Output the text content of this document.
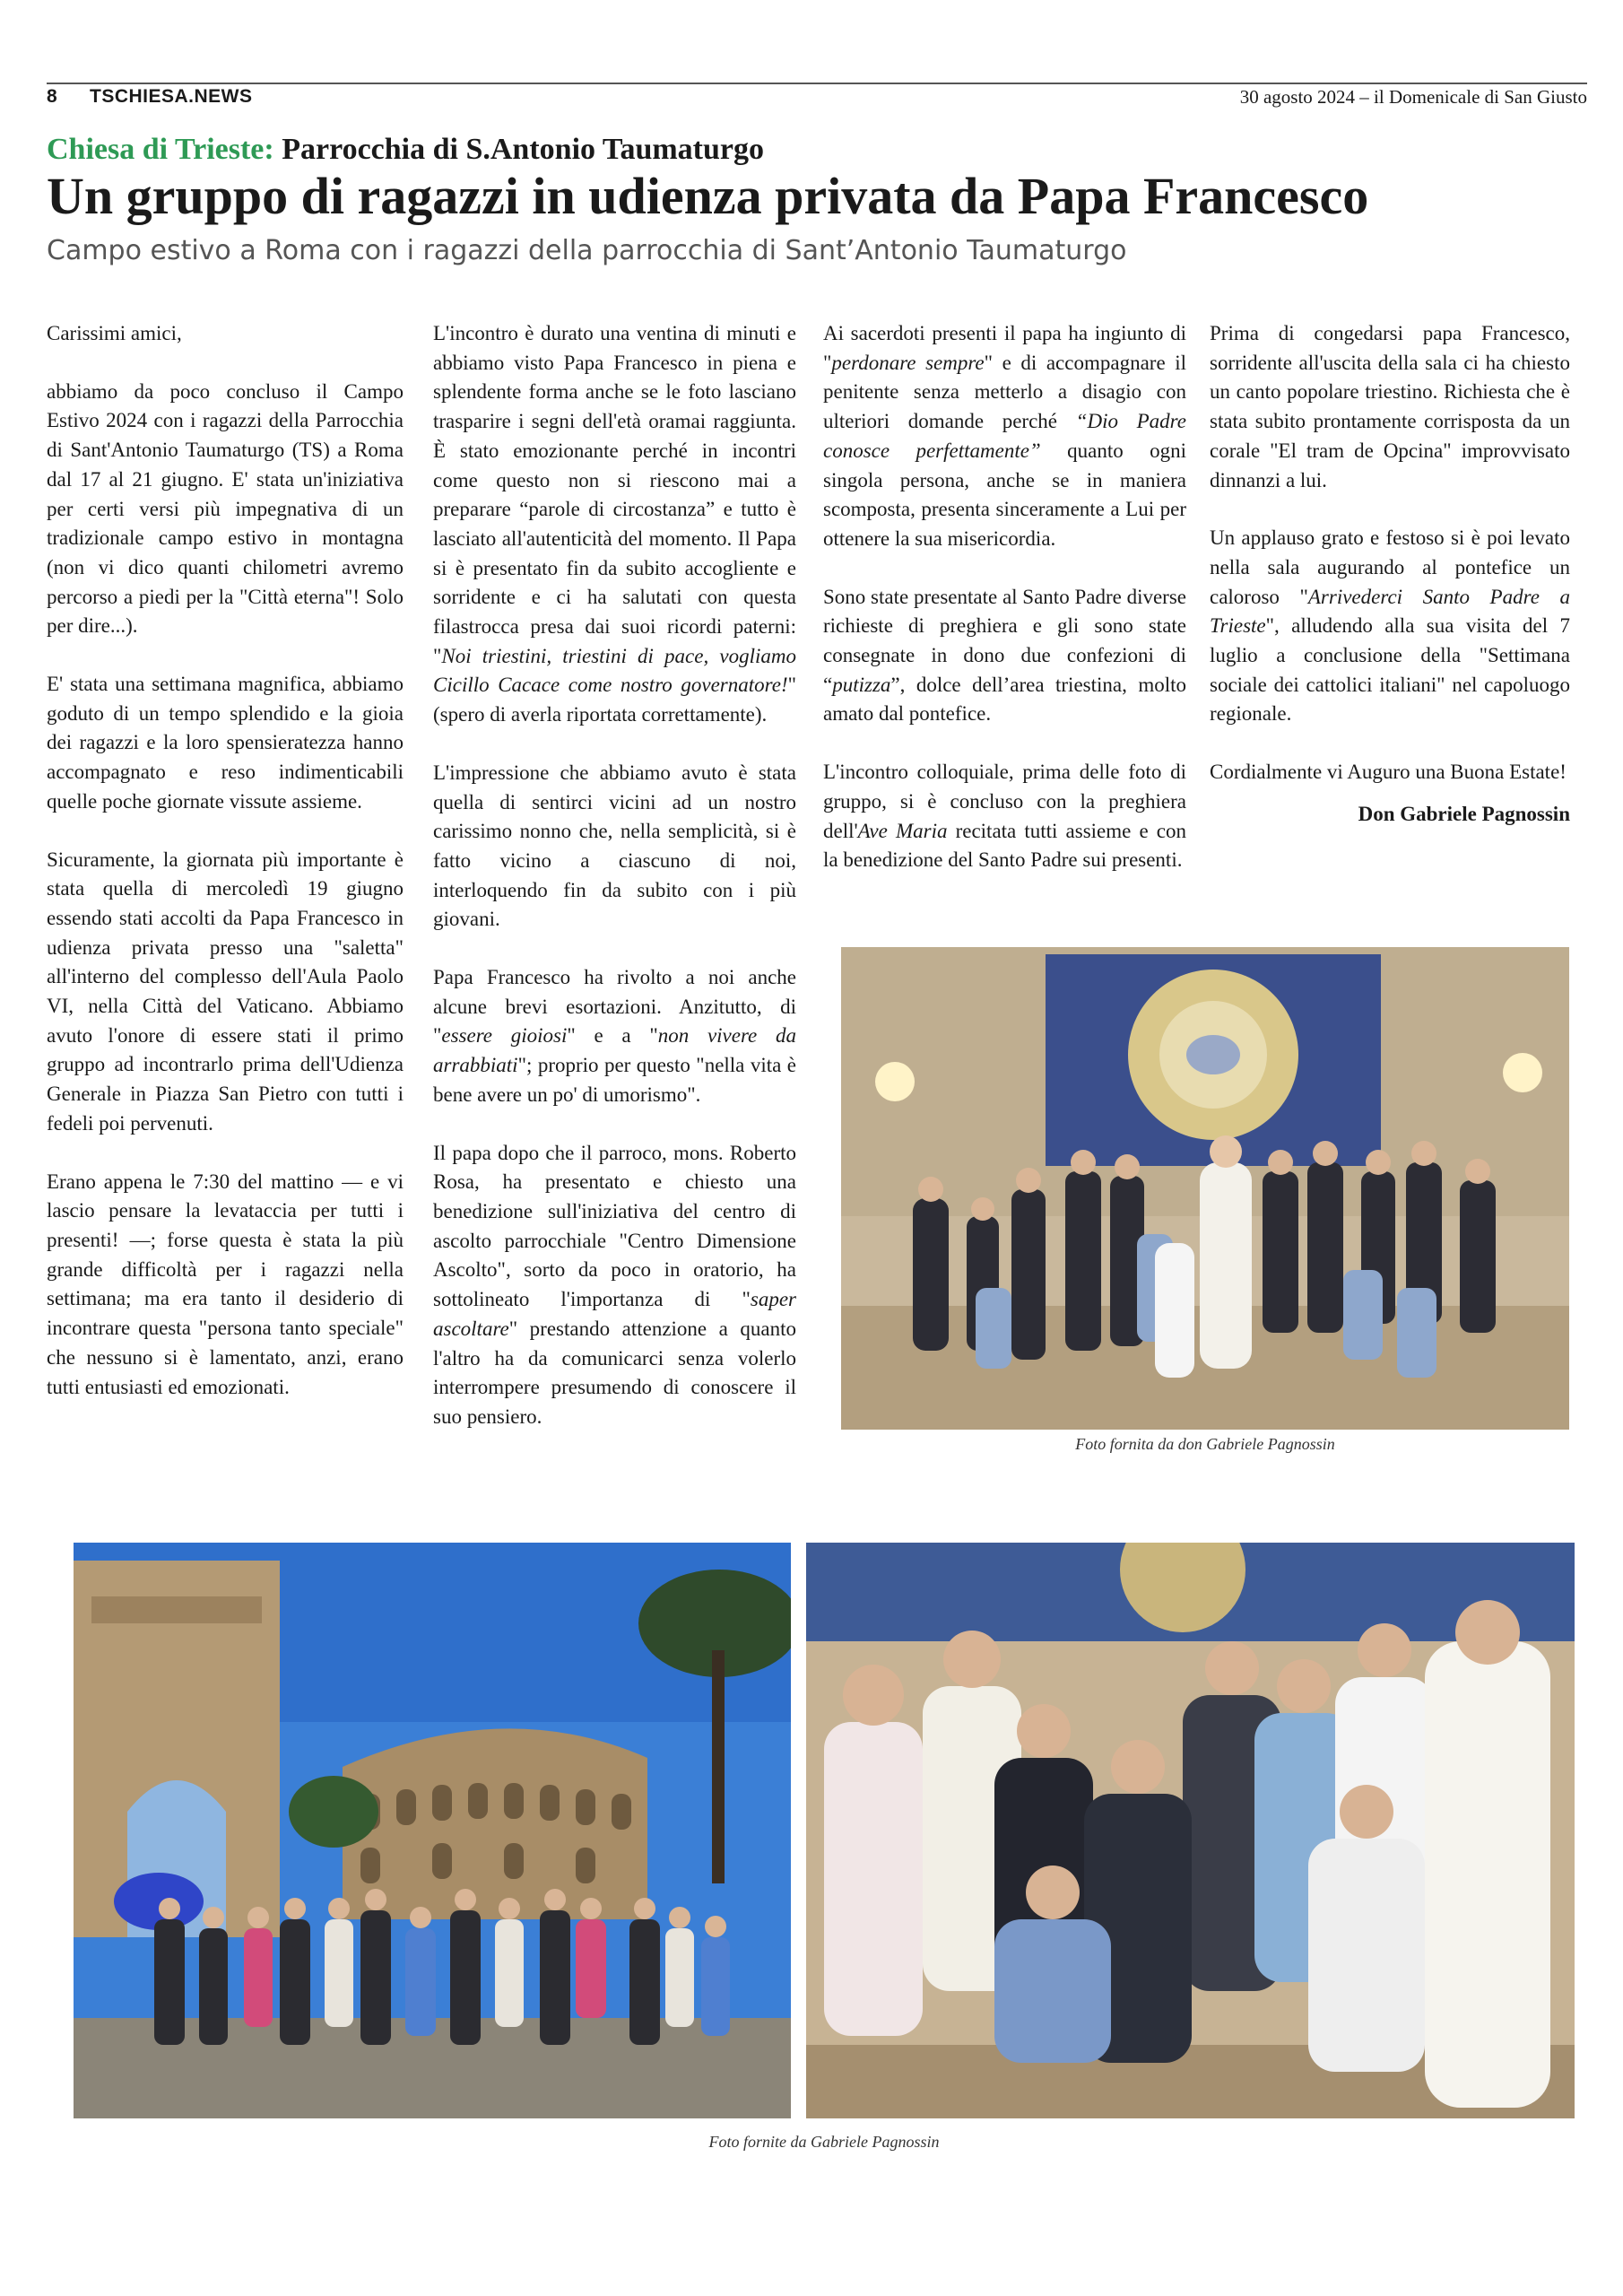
8 TSCHIESA.NEWS	30 agosto 2024 – il Domenicale di San Giusto
Chiesa di Trieste: Parrocchia di S.Antonio Taumaturgo
Un gruppo di ragazzi in udienza privata da Papa Francesco
Campo estivo a Roma con i ragazzi della parrocchia di Sant’Antonio Taumaturgo

Carissimi amici,

abbiamo da poco concluso il Campo Estivo 2024 con i ragazzi della Parrocchia di Sant'Antonio Taumaturgo (TS) a Roma dal 17 al 21 giugno. E' stata un'iniziativa per certi versi più impegnativa di un tradizionale campo estivo in montagna (non vi dico quanti chilometri avremo percorso a piedi per la "Città eterna"! Solo per dire...).

E' stata una settimana magnifica, abbiamo goduto di un tempo splendido e la gioia dei ragazzi e la loro spensieratezza hanno accompagnato e reso indimenticabili quelle poche giornate vissute assieme.

Sicuramente, la giornata più importante è stata quella di mercoledì 19 giugno essendo stati accolti da Papa Francesco in udienza privata presso una "saletta" all'interno del complesso dell'Aula Paolo VI, nella Città del Vaticano. Abbiamo avuto l'onore di essere stati il primo gruppo ad incontrarlo prima dell'Udienza Generale in Piazza San Pietro con tutti i fedeli poi pervenuti.

Erano appena le 7:30 del mattino — e vi lascio pensare la levataccia per tutti i presenti! —; forse questa è stata la più grande difficoltà per i ragazzi nella settimana; ma era tanto il desiderio di incontrare questa "persona tanto speciale" che nessuno si è lamentato, anzi, erano tutti entusiasti ed emozionati.

L'incontro è durato una ventina di minuti e abbiamo visto Papa Francesco in piena e splendente forma anche se le foto lasciano trasparire i segni dell'età oramai raggiunta. È stato emozionante perché in incontri come questo non si riescono mai a preparare “parole di circostanza” e tutto è lasciato all'autenticità del momento. Il Papa si è presentato fin da subito accogliente e sorridente e ci ha salutati con questa filastrocca presa dai suoi ricordi paterni: "Noi triestini, triestini di pace, vogliamo Cicillo Cacace come nostro governatore!" (spero di averla riportata correttamente).

L'impressione che abbiamo avuto è stata quella di sentirci vicini ad un nostro carissimo nonno che, nella semplicità, si è fatto vicino a ciascuno di noi, interloquendo fin da subito con i più giovani.

Papa Francesco ha rivolto a noi anche alcune brevi esortazioni. Anzitutto, di "essere gioiosi" e a "non vivere da arrabbiati"; proprio per questo "nella vita è bene avere un po' di umorismo".

Il papa dopo che il parroco, mons. Roberto Rosa, ha presentato e chiesto una benedizione sull'iniziativa del centro di ascolto parrocchiale "Centro Dimensione Ascolto", sorto da poco in oratorio, ha sottolineato l'importanza di "saper ascoltare" prestando attenzione a quanto l'altro ha da comunicarci senza volerlo interrompere presumendo di conoscere il suo pensiero.

Ai sacerdoti presenti il papa ha ingiunto di "perdonare sempre" e di accompagnare il penitente senza metterlo a disagio con ulteriori domande perché “Dio Padre conosce perfettamente” quanto ogni singola persona, anche se in maniera scomposta, presenta sinceramente a Lui per ottenere la sua misericordia.

Sono state presentate al Santo Padre diverse richieste di preghiera e gli sono state consegnate in dono due confezioni di “putizza”, dolce dell’area triestina, molto amato dal pontefice.

L'incontro colloquiale, prima delle foto di gruppo, si è concluso con la preghiera dell'Ave Maria recitata tutti assieme e con la benedizione del Santo Padre sui presenti.

Prima di congedarsi papa Francesco, sorridente all'uscita della sala ci ha chiesto un canto popolare triestino. Richiesta che è stata subito prontamente corrisposta da un corale "El tram de Opcina" improvvisato dinnanzi a lui.

Un applauso grato e festoso si è poi levato nella sala augurando al pontefice un caloroso "Arrivederci Santo Padre a Trieste", alludendo alla sua visita del 7 luglio a conclusione della "Settimana sociale dei cattolici italiani" nel capoluogo regionale.

Cordialmente vi Auguro una Buona Estate!

Don Gabriele Pagnossin
Foto fornita da don Gabriele Pagnossin
Foto fornite da Gabriele Pagnossin
